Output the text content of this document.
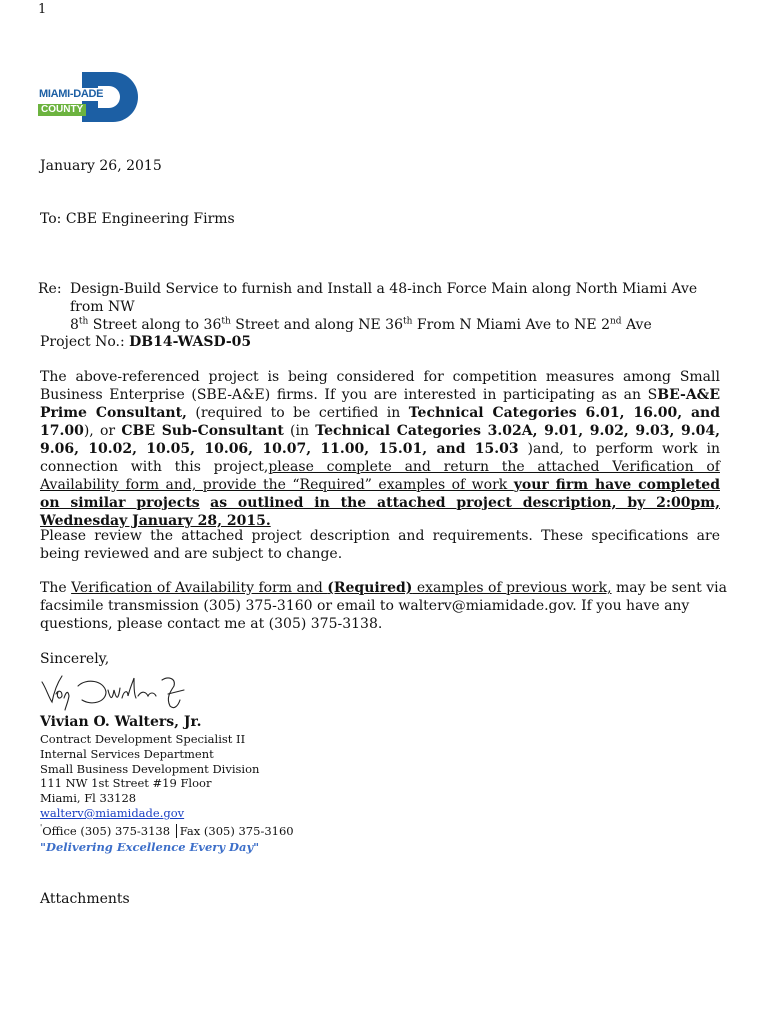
1
MIAMI-DADE
COUNTY
January 26, 2015
To: CBE Engineering Firms
Re: Design-Build Service to furnish and Install a 48-inch Force Main along North Miami Ave from NW
8th Street along to 36th Street and along NE 36th From N Miami Ave to NE 2nd Ave
Project No.: DB14-WASD-05
The above-referenced project is being considered for competition measures among Small Business Enterprise (SBE-A&E) firms. If you are interested in participating as an SBE-A&E Prime Consultant, (required to be certified in Technical Categories 6.01, 16.00, and 17.00), or CBE Sub-Consultant (in Technical Categories 3.02A, 9.01, 9.02, 9.03, 9.04, 9.06, 10.02, 10.05, 10.06, 10.07, 11.00, 15.01, and 15.03 )and, to perform work in connection with this project,please complete and return the attached Verification of Availability form and, provide the “Required” examples of work your firm have completed on similar projects as outlined in the attached project description, by 2:00pm, Wednesday January 28, 2015.
Please review the attached project description and requirements. These specifications are being reviewed and are subject to change.
The Verification of Availability form and (Required) examples of previous work, may be sent via
facsimile transmission (305) 375-3160 or email to walterv@miamidade.gov. If you have any
questions, please contact me at (305) 375-3138.
Sincerely,
Vivian O. Walters, Jr.
Contract Development Specialist II
Internal Services Department
Small Business Development Division
111 NW 1st Street #19 Floor
Miami, Fl 33128
walterv@miamidade.gov
'Office (305) 375-3138 Fax (305) 375-3160
"Delivering Excellence Every Day"
Attachments
